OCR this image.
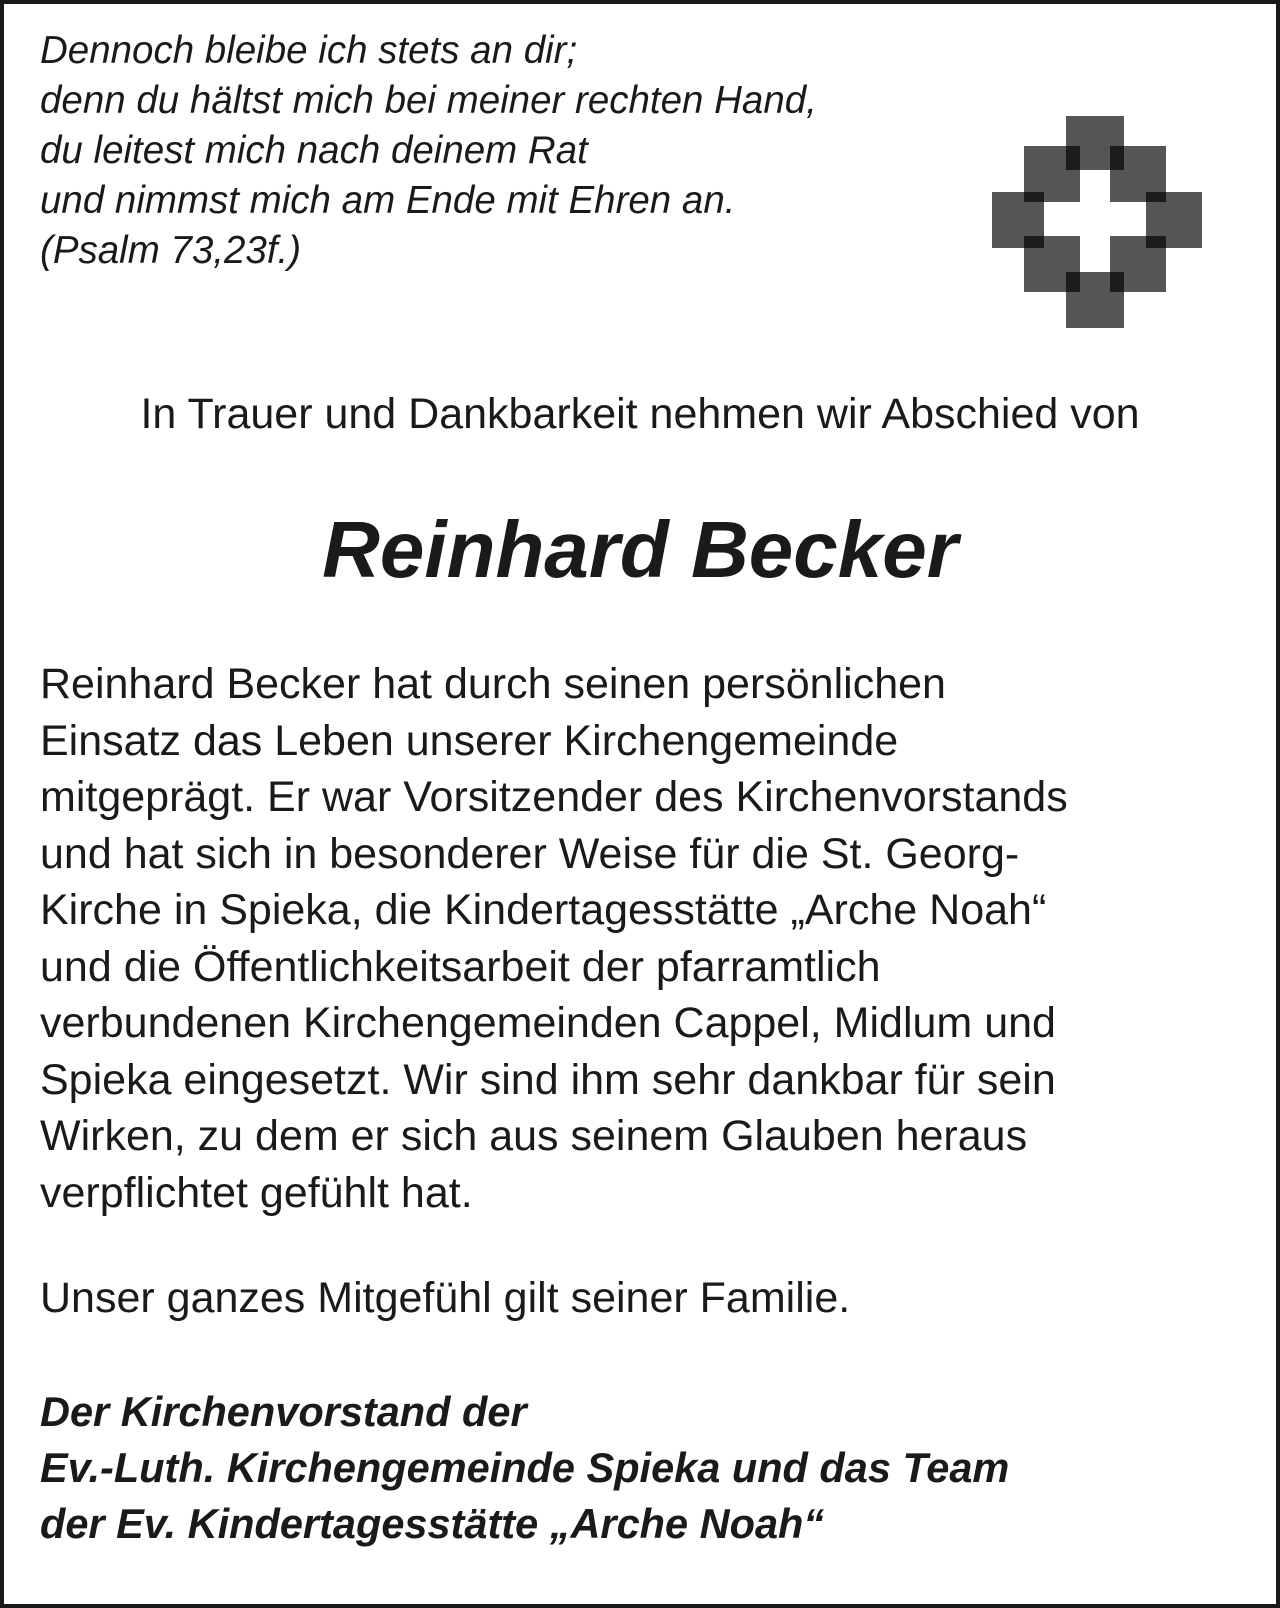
Dennoch bleibe ich stets an dir;
denn du hältst mich bei meiner rechten Hand,
du leitest mich nach deinem Rat
und nimmst mich am Ende mit Ehren an.
(Psalm 73,23f.)
In Trauer und Dankbarkeit nehmen wir Abschied von
Reinhard Becker
Reinhard Becker hat durch seinen persönlichen
Einsatz das Leben unserer Kirchengemeinde
mitgeprägt. Er war Vorsitzender des Kirchenvorstands
und hat sich in besonderer Weise für die St. Georg-
Kirche in Spieka, die Kindertagesstätte „Arche Noah“
und die Öffentlichkeitsarbeit der pfarramtlich
verbundenen Kirchengemeinden Cappel, Midlum und
Spieka eingesetzt. Wir sind ihm sehr dankbar für sein
Wirken, zu dem er sich aus seinem Glauben heraus
verpflichtet gefühlt hat.
Unser ganzes Mitgefühl gilt seiner Familie.
Der Kirchenvorstand der
Ev.-Luth. Kirchengemeinde Spieka und das Team
der Ev. Kindertagesstätte „Arche Noah“
